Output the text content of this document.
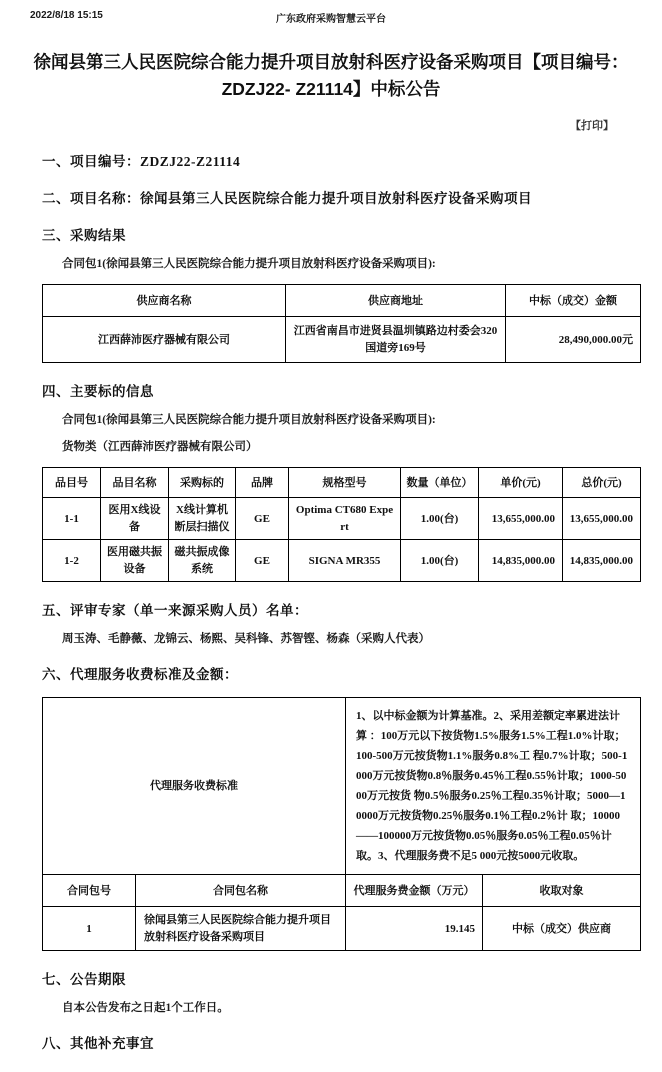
2022/8/18 15:15	广东政府采购智慧云平台
徐闻县第三人民医院综合能力提升项目放射科医疗设备采购项目【项目编号：ZDZJ22- Z21114】中标公告
【打印】
一、项目编号：ZDZJ22-Z21114
二、项目名称：徐闻县第三人民医院综合能力提升项目放射科医疗设备采购项目
三、采购结果
合同包1(徐闻县第三人民医院综合能力提升项目放射科医疗设备采购项目):
供应商名称	供应商地址	中标（成交）金额
江西薛沛医疗器械有限公司	江西省南昌市进贤县温圳镇路边村委会320国道旁169号	28,490,000.00元
四、主要标的信息
合同包1(徐闻县第三人民医院综合能力提升项目放射科医疗设备采购项目):
货物类（江西薛沛医疗器械有限公司）
品目号	品目名称	采购标的	品牌	规格型号	数量（单位）	单价(元)	总价(元)
1-1	医用X线设备	X线计算机断层扫描仪	GE	Optima CT680 Expert	1.00(台)	13,655,000.00	13,655,000.00
1-2	医用磁共振设备	磁共振成像系统	GE	SIGNA MR355	1.00(台)	14,835,000.00	14,835,000.00
五、评审专家（单一来源采购人员）名单：
周玉涛、毛静薇、龙锦云、杨熙、吴科锋、苏智铿、杨森（采购人代表）
六、代理服务收费标准及金额：
代理服务收费标准	1、以中标金额为计算基准。2、采用差额定率累进法计算 ：100万元以下按货物1.5%服务1.5%工程1.0%计取；100-500万元按货物1.1%服务0.8%工 程0.7%计取；500-1000万元按货物0.8％服务0.45％工程0.55％计取；1000-5000万元按货 物0.5％服务0.25％工程0.35％计取；5000—10000万元按货物0.25％服务0.1％工程0.2％计 取；10000——100000万元按货物0.05％服务0.05％工程0.05％计取。3、代理服务费不足5 000元按5000元收取。
合同包号	合同包名称	代理服务费金额（万元）	收取对象
1	徐闻县第三人民医院综合能力提升项目放射科医疗设备采购项目	19.145	中标（成交）供应商
七、公告期限
自本公告发布之日起1个工作日。
八、其他补充事宜
